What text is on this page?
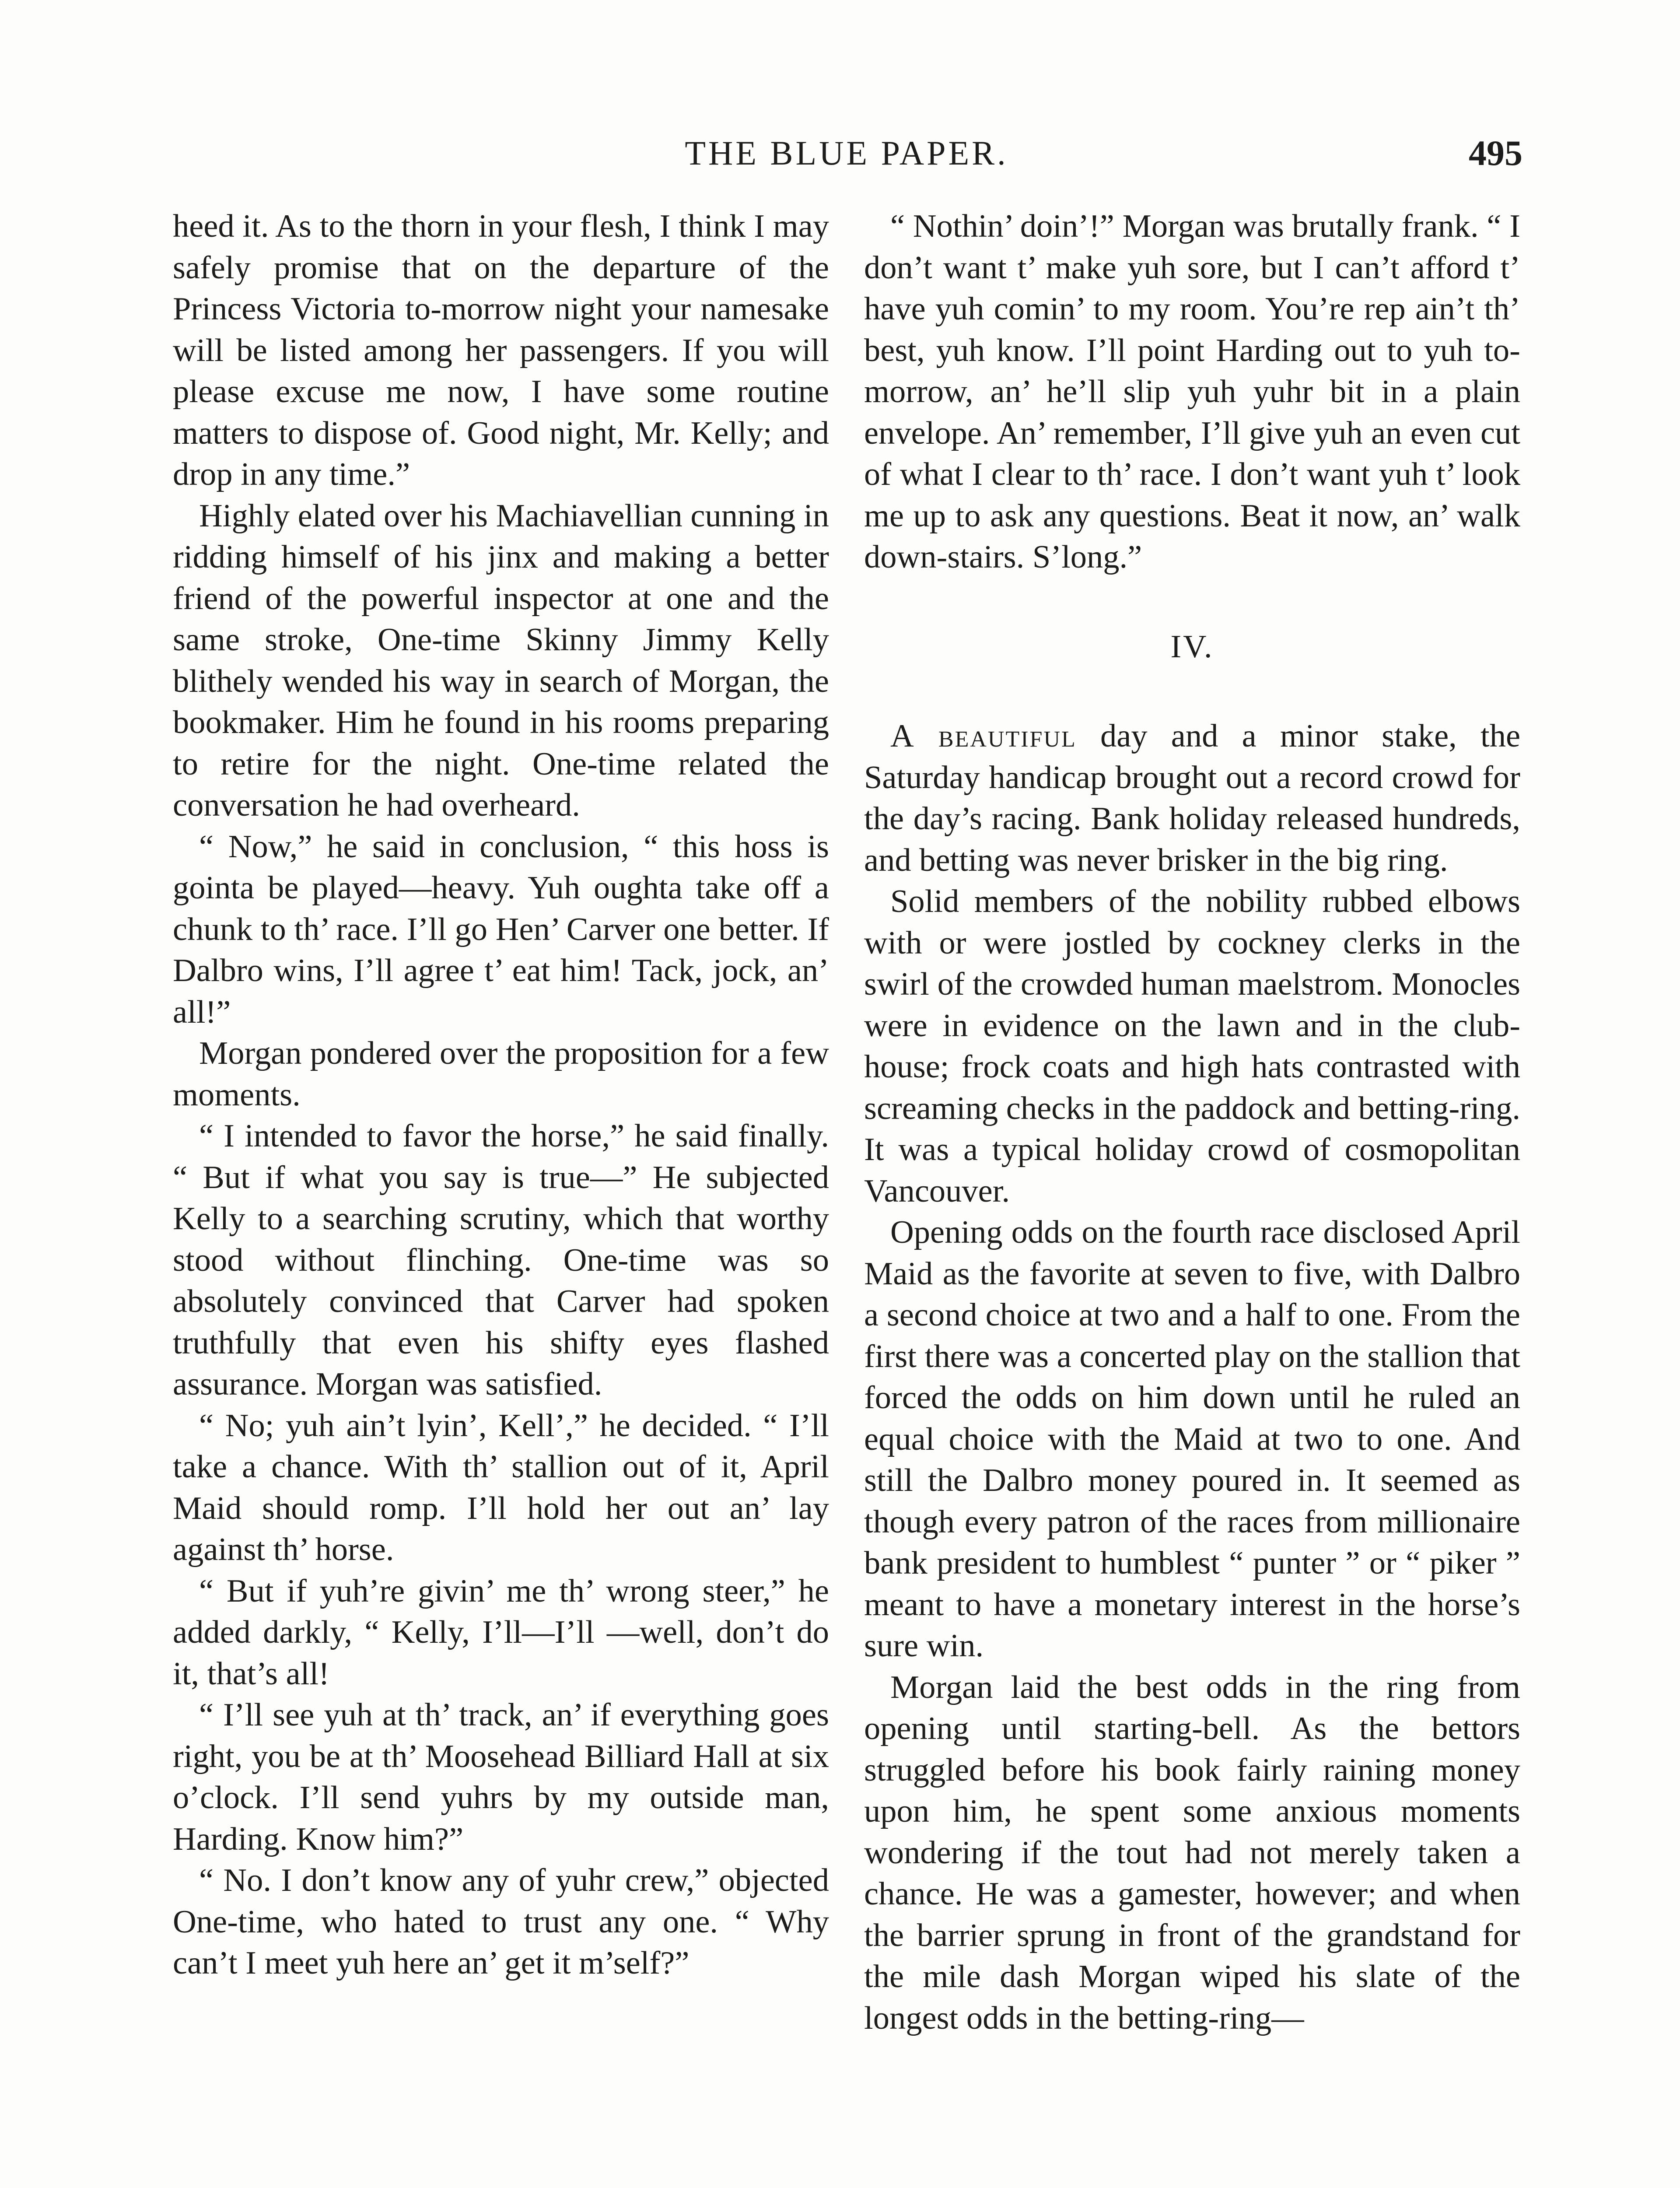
THE BLUE PAPER.	495

heed it. As to the thorn in your flesh, I think I may safely promise that on the departure of the Princess Victoria to-morrow night your namesake will be listed among her passengers. If you will please excuse me now, I have some routine matters to dispose of. Good night, Mr. Kelly; and drop in any time.”

Highly elated over his Machiavellian cunning in ridding himself of his jinx and making a better friend of the powerful inspector at one and the same stroke, One-time Skinny Jimmy Kelly blithely wended his way in search of Morgan, the bookmaker. Him he found in his rooms preparing to retire for the night. One-time related the conversation he had overheard.

“ Now,” he said in conclusion, “ this hoss is gointa be played—heavy. Yuh oughta take off a chunk to th’ race. I’ll go Hen’ Carver one better. If Dalbro wins, I’ll agree t’ eat him! Tack, jock, an’ all!”

Morgan pondered over the proposition for a few moments.

“ I intended to favor the horse,” he said finally. “ But if what you say is true—” He subjected Kelly to a searching scrutiny, which that worthy stood without flinching. One-time was so absolutely convinced that Carver had spoken truthfully that even his shifty eyes flashed assurance. Morgan was satisfied.

“ No; yuh ain’t lyin’, Kell’,” he decided. “ I’ll take a chance. With th’ stallion out of it, April Maid should romp. I’ll hold her out an’ lay against th’ horse.

“ But if yuh’re givin’ me th’ wrong steer,” he added darkly, “ Kelly, I’ll—I’ll —well, don’t do it, that’s all!

“ I’ll see yuh at th’ track, an’ if everything goes right, you be at th’ Moosehead Billiard Hall at six o’clock. I’ll send yuhrs by my outside man, Harding. Know him?”

“ No. I don’t know any of yuhr crew,” objected One-time, who hated to trust any one. “ Why can’t I meet yuh here an’ get it m’self?”

“ Nothin’ doin’!” Morgan was brutally frank. “ I don’t want t’ make yuh sore, but I can’t afford t’ have yuh comin’ to my room. You’re rep ain’t th’ best, yuh know. I’ll point Harding out to yuh to-morrow, an’ he’ll slip yuh yuhr bit in a plain envelope. An’ remember, I’ll give yuh an even cut of what I clear to th’ race. I don’t want yuh t’ look me up to ask any questions. Beat it now, an’ walk down-stairs. S’long.”

IV.

A beautiful day and a minor stake, the Saturday handicap brought out a record crowd for the day’s racing. Bank holiday released hundreds, and betting was never brisker in the big ring.

Solid members of the nobility rubbed elbows with or were jostled by cockney clerks in the swirl of the crowded human maelstrom. Monocles were in evidence on the lawn and in the club-house; frock coats and high hats contrasted with screaming checks in the paddock and betting-ring. It was a typical holiday crowd of cosmopolitan Vancouver.

Opening odds on the fourth race disclosed April Maid as the favorite at seven to five, with Dalbro a second choice at two and a half to one. From the first there was a concerted play on the stallion that forced the odds on him down until he ruled an equal choice with the Maid at two to one. And still the Dalbro money poured in. It seemed as though every patron of the races from millionaire bank president to humblest “ punter ” or “ piker ” meant to have a monetary interest in the horse’s sure win.

Morgan laid the best odds in the ring from opening until starting-bell. As the bettors struggled before his book fairly raining money upon him, he spent some anxious moments wondering if the tout had not merely taken a chance. He was a gamester, however; and when the barrier sprung in front of the grandstand for the mile dash Morgan wiped his slate of the longest odds in the betting-ring—
